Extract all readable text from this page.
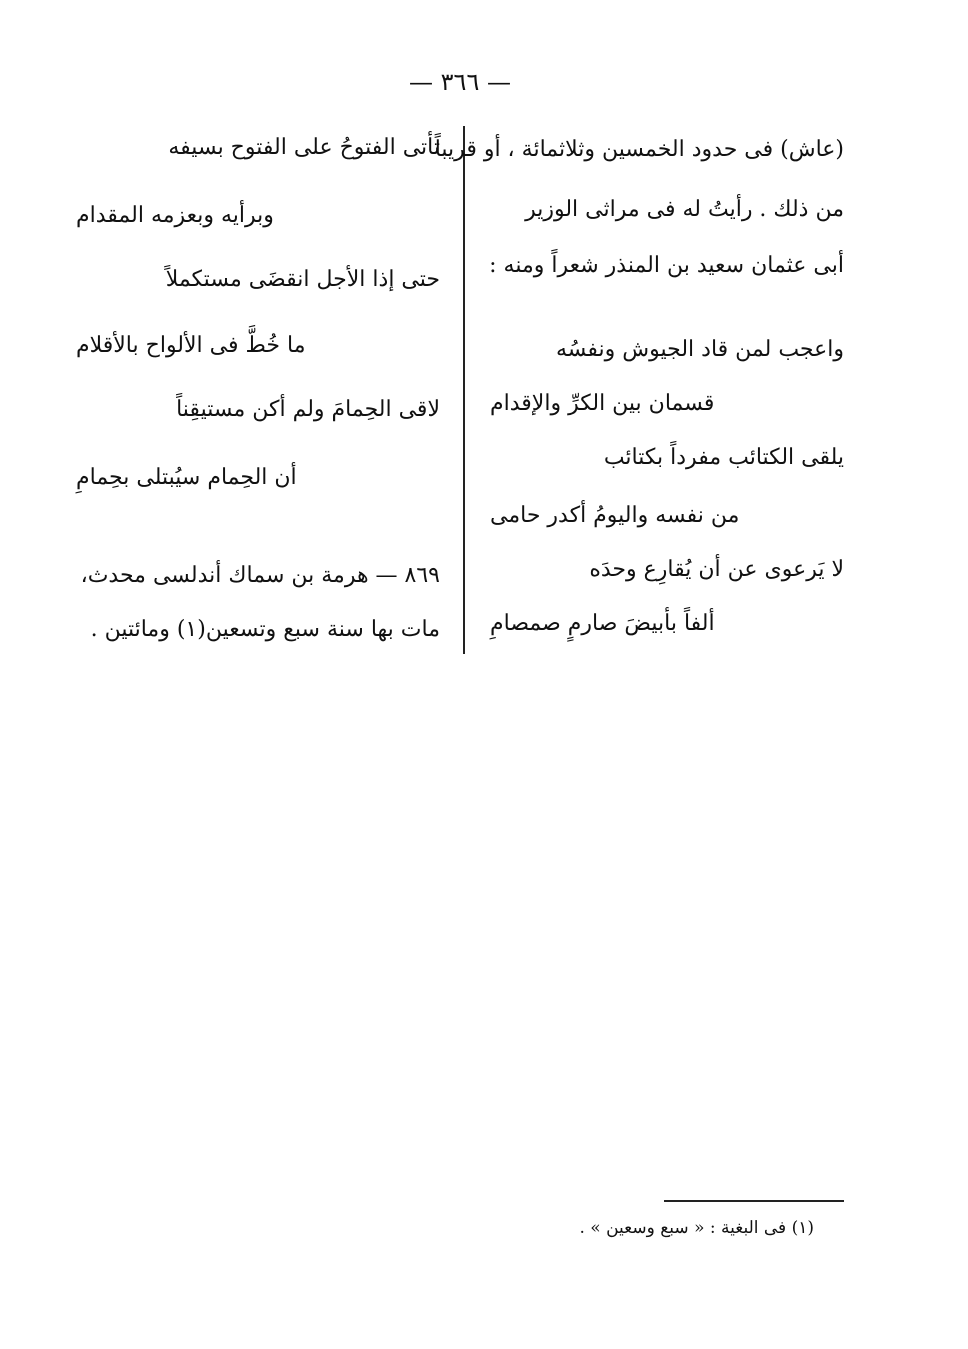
— ٣٦٦ —
(عاش) فى حدود الخمسين وثلاثمائة ، أو قريباً
من ذلك . رأيتُ له فى مراثى الوزير
أبى عثمان سعيد بن المنذر شعراً ومنه :
واعجب لمن قاد الجيوش ونفسُه
قسمان بين الكرِّ والإقدام
يلقى الكتائب مفرداً بكتائب
من نفسه واليومُ أكدر حامى
لا يَرعوى عن أن يُقارِع وحدَه
ألفاً بأبيضَ صارمٍ صمصامِ
تأتى الفتوحُ على الفتوح بسيفه
وبرأيه وبعزمه المقدام
حتى إذا الأجل انقضَى مستكملاً
ما خُطَّ فى الألواح بالأقلام
لاقى الحِمامَ ولم أكن مستيقِناً
أن الحِمام سيُبتلى بحِمامِ
٨٦٩ — هرمة بن سماك أندلسى محدث،
مات بها سنة سبع وتسعين(١) ومائتين .
(١) فى البغية : « سبع وسعين » .
